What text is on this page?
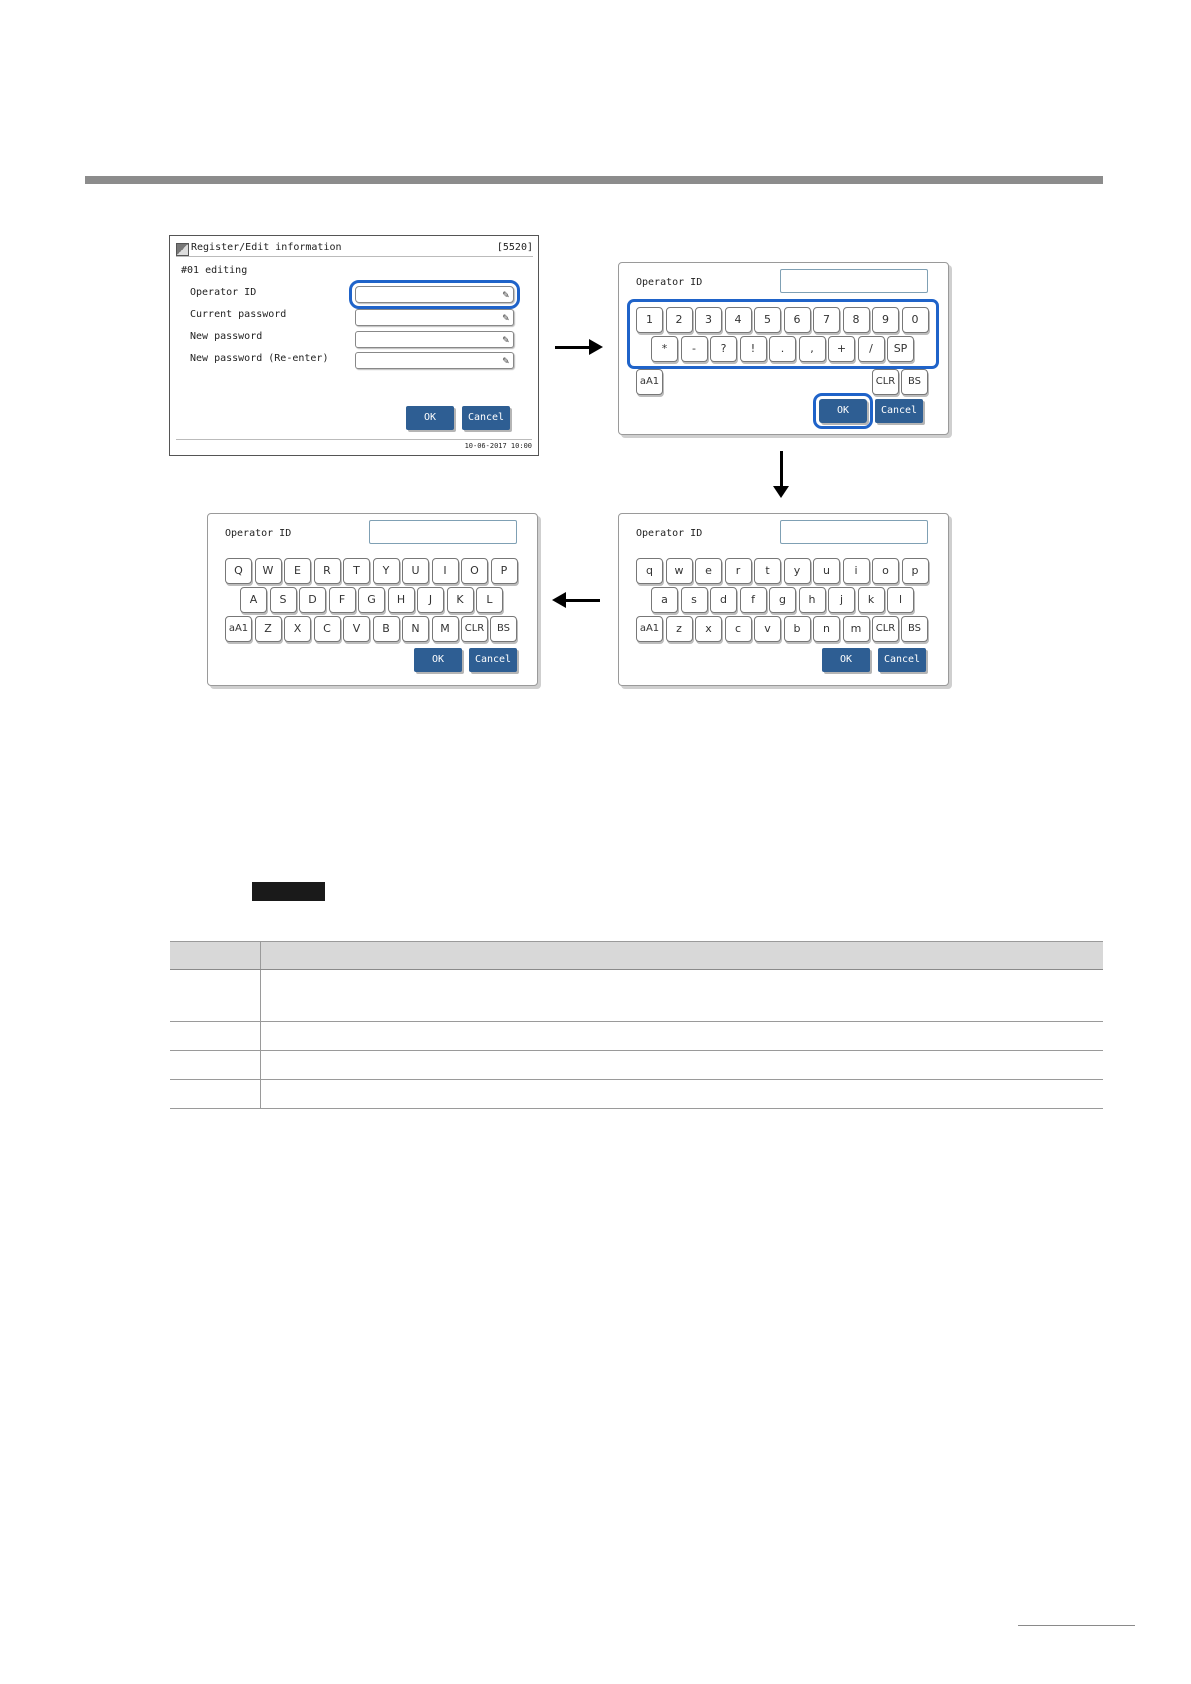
Register/Edit information	[5520]
#01 editing
Operator ID	✎
Current password	✎
New password	✎
New password (Re-enter)	✎
OK	Cancel
10-06-2017 10:00
Operator ID
1	2	3	4	5	6	7	8	9	0
*	-	?	!	.	,	+	/	SP
aA1	CLR	BS
OK	Cancel
Operator ID
q	w	e	r	t	y	u	i	o	p
a	s	d	f	g	h	j	k	l
aA1	z	x	c	v	b	n	m	CLR	BS
OK	Cancel
Operator ID
Q	W	E	R	T	Y	U	I	O	P
A	S	D	F	G	H	J	K	L
aA1	Z	X	C	V	B	N	M	CLR	BS
OK	Cancel
